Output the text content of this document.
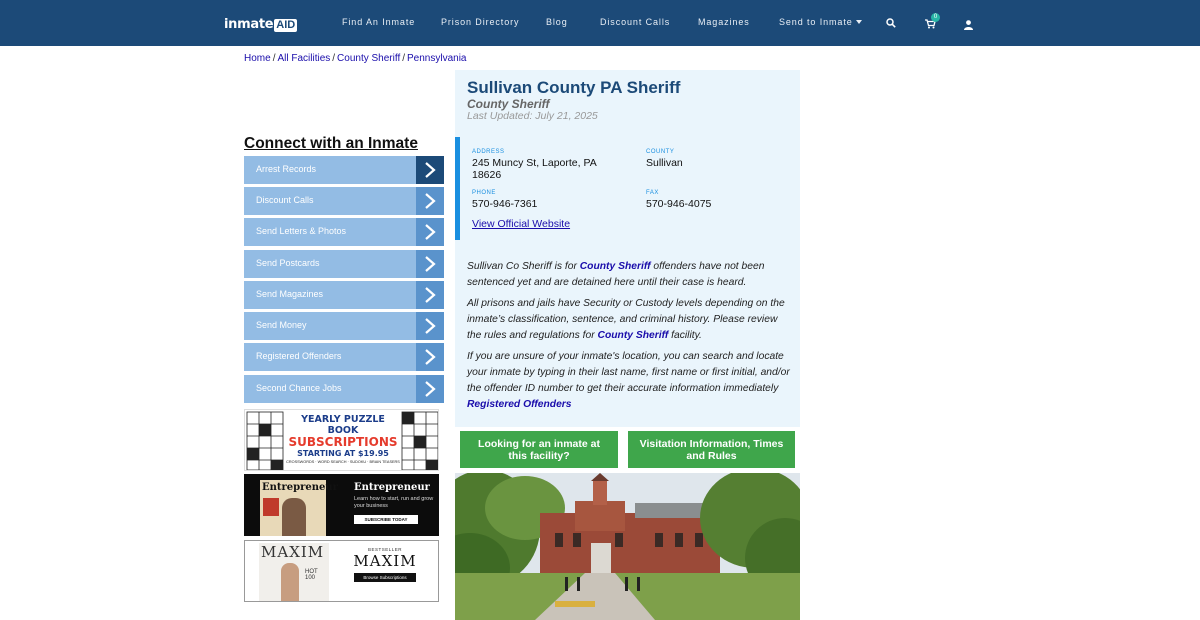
inmate AID	Find An Inmate	Prison Directory	Blog	Discount Calls	Magazines	Send to Inmate	0
Home / All Facilities / County Sheriff / Pennsylvania
Connect with an Inmate
Arrest Records
Discount Calls
Send Letters & Photos
Send Postcards
Send Magazines
Send Money
Registered Offenders
Second Chance Jobs
YEARLY PUZZLE BOOK
SUBSCRIPTIONS
STARTING AT $19.95
CROSSWORDS · WORD SEARCH · SUDOKU · BRAIN TEASERS
Entrepreneur Entrepreneur
Learn how to start, run and grow your business
SUBSCRIBE TODAY
MAXIM
HOT 100
BESTSELLER
MAXIM
Browse Subscriptions
Sullivan County PA Sheriff
County Sheriff
Last Updated: July 21, 2025
ADDRESS
245 Muncy St, Laporte, PA
18626
COUNTY
Sullivan
PHONE
570-946-7361
FAX
570-946-4075
View Official Website
Sullivan Co Sheriff is for County Sheriff offenders have not been sentenced yet and are detained here until their case is heard.
All prisons and jails have Security or Custody levels depending on the inmate’s classification, sentence, and criminal history. Please review the rules and regulations for County Sheriff facility.
If you are unsure of your inmate's location, you can search and locate your inmate by typing in their last name, first name or first initial, and/or the offender ID number to get their accurate information immediately
Registered Offenders
Looking for an inmate at this facility?
Visitation Information, Times and Rules
